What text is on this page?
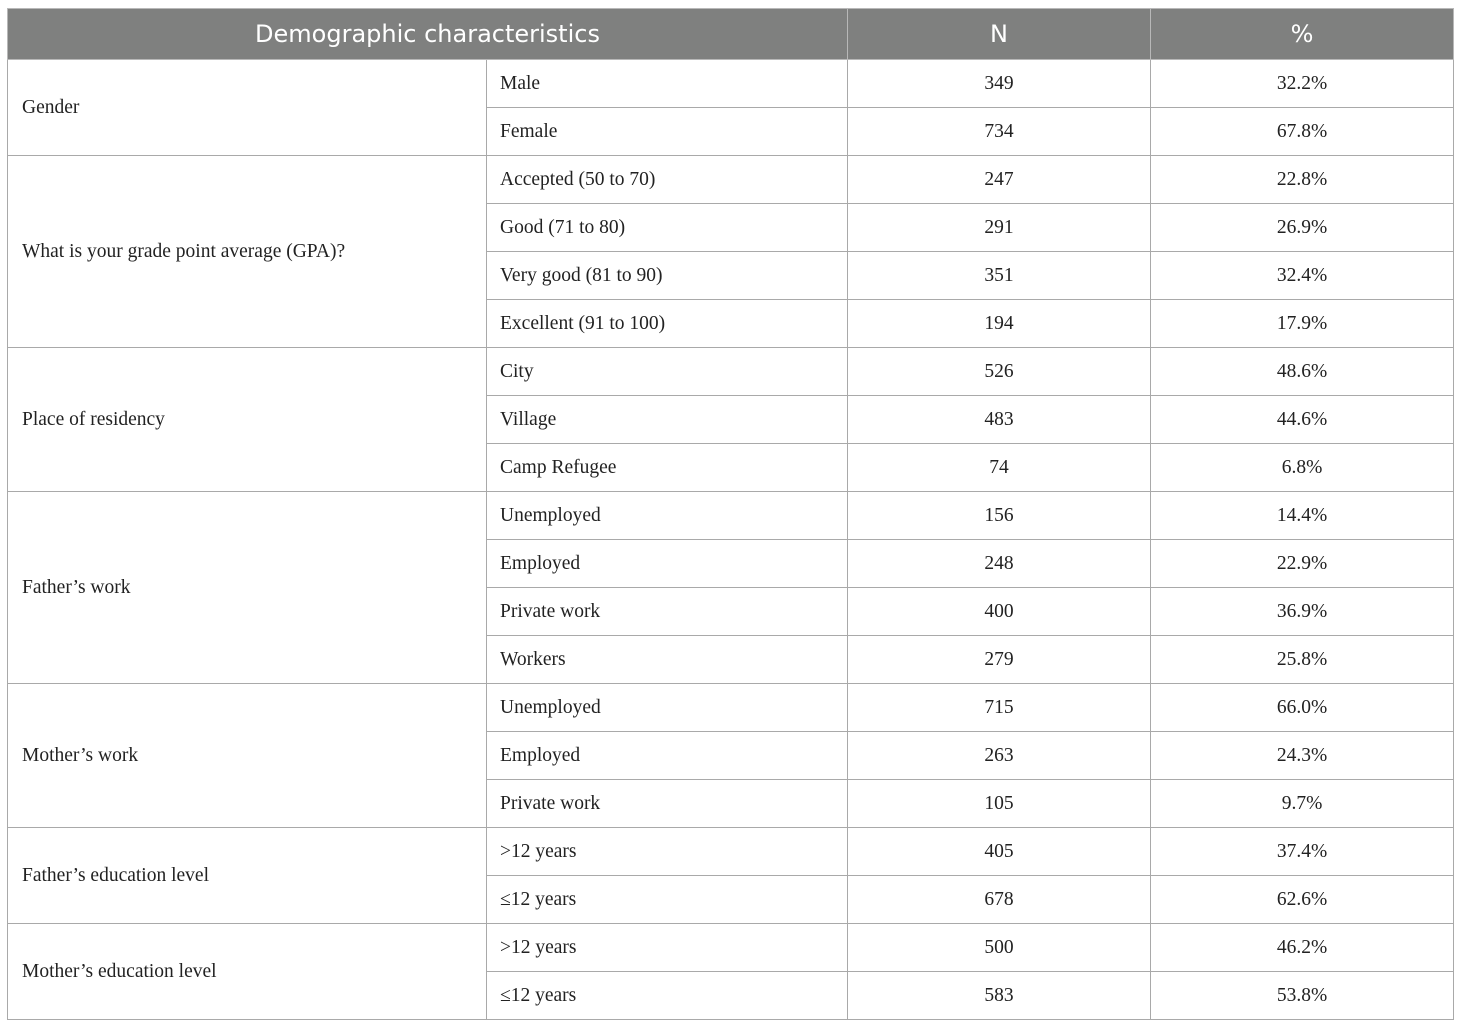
Demographic characteristics		N	%
Gender	Male	349	32.2%
	Female	734	67.8%
What is your grade point average (GPA)?	Accepted (50 to 70)	247	22.8%
	Good (71 to 80)	291	26.9%
	Very good (81 to 90)	351	32.4%
	Excellent (91 to 100)	194	17.9%
Place of residency	City	526	48.6%
	Village	483	44.6%
	Camp Refugee	74	6.8%
Father’s work	Unemployed	156	14.4%
	Employed	248	22.9%
	Private work	400	36.9%
	Workers	279	25.8%
Mother’s work	Unemployed	715	66.0%
	Employed	263	24.3%
	Private work	105	9.7%
Father’s education level	>12 years	405	37.4%
	≤12 years	678	62.6%
Mother’s education level	>12 years	500	46.2%
	≤12 years	583	53.8%
